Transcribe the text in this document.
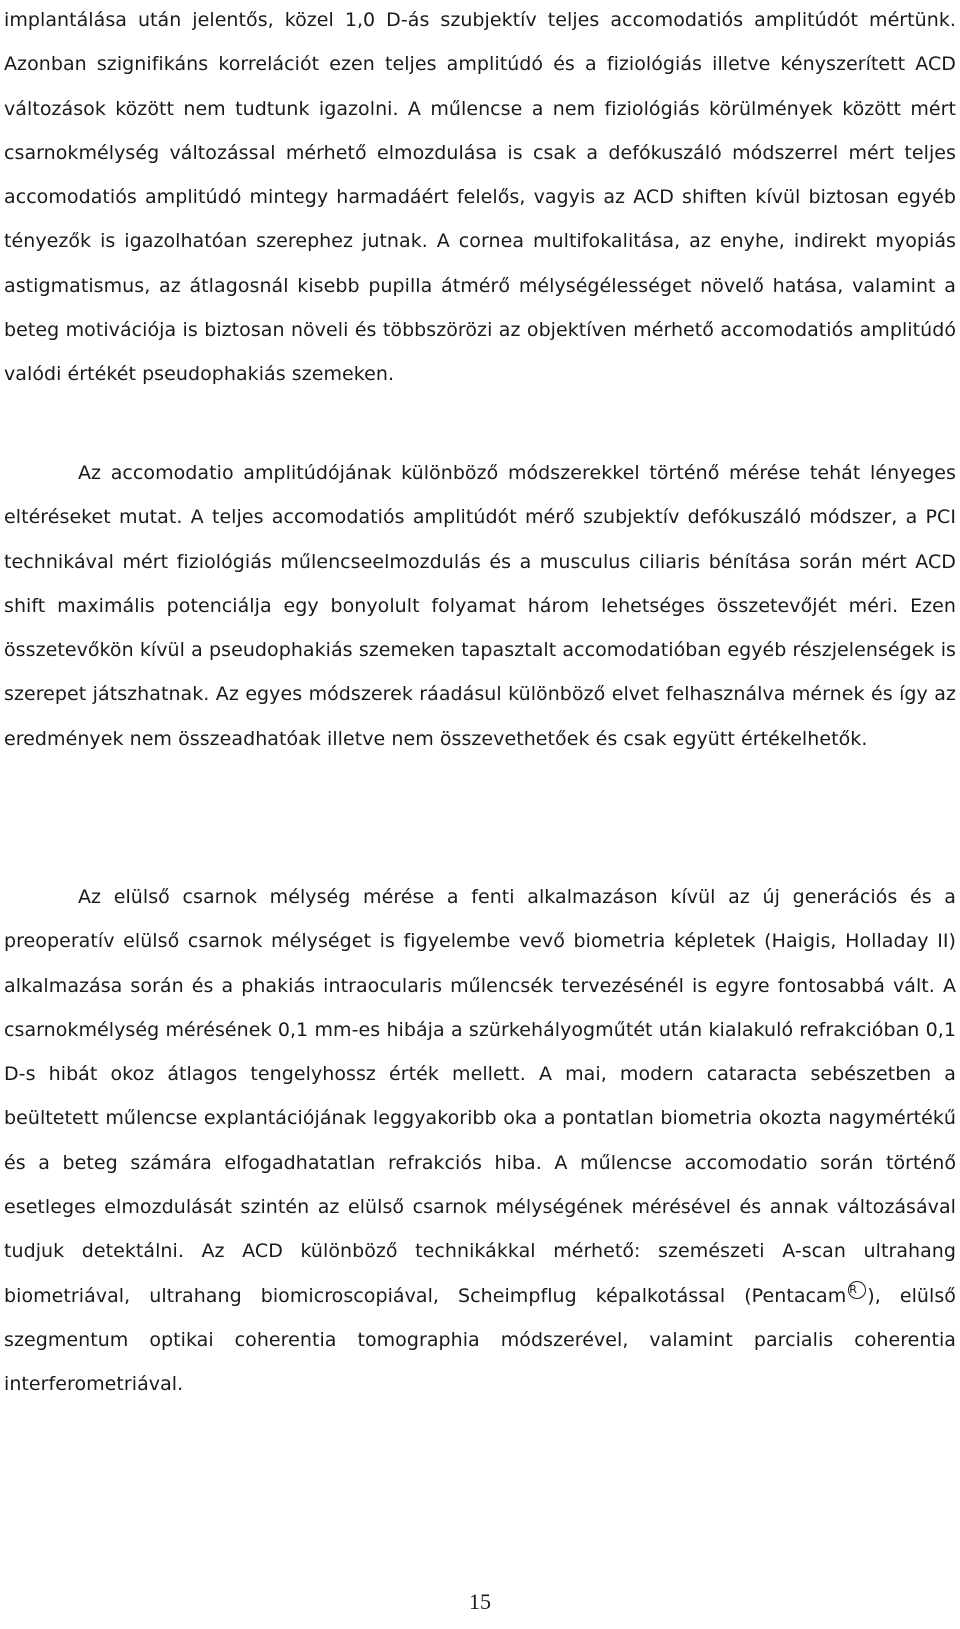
implantálása után jelentős, közel 1,0 D-ás szubjektív teljes accomodatiós amplitúdót mértünk. Azonban szignifikáns korrelációt ezen teljes amplitúdó és a fiziológiás illetve kényszerített ACD változások között nem tudtunk igazolni. A műlencse a nem fiziológiás körülmények között mért csarnokmélység változással mérhető elmozdulása is csak a defókuszáló módszerrel mért teljes accomodatiós amplitúdó mintegy harmadáért felelős, vagyis az ACD shiften kívül biztosan egyéb tényezők is igazolhatóan szerephez jutnak. A cornea multifokalitása, az enyhe, indirekt myopiás astigmatismus, az átlagosnál kisebb pupilla átmérő mélységélességet növelő hatása, valamint a beteg motivációja is biztosan növeli és többszörözi az objektíven mérhető accomodatiós amplitúdó valódi értékét pseudophakiás szemeken.

Az accomodatio amplitúdójának különböző módszerekkel történő mérése tehát lényeges eltéréseket mutat. A teljes accomodatiós amplitúdót mérő szubjektív defókuszáló módszer, a PCI technikával mért fiziológiás műlencseelmozdulás és a musculus ciliaris bénítása során mért ACD shift maximális potenciálja egy bonyolult folyamat három lehetséges összetevőjét méri. Ezen összetevőkön kívül a pseudophakiás szemeken tapasztalt accomodatióban egyéb részjelenségek is szerepet játszhatnak. Az egyes módszerek ráadásul különböző elvet felhasználva mérnek és így az eredmények nem összeadhatóak illetve nem összevethetőek és csak együtt értékelhetők.

Az elülső csarnok mélység mérése a fenti alkalmazáson kívül az új generációs és a preoperatív elülső csarnok mélységet is figyelembe vevő biometria képletek (Haigis, Holladay II) alkalmazása során és a phakiás intraocularis műlencsék tervezésénél is egyre fontosabbá vált. A csarnokmélység mérésének 0,1 mm-es hibája a szürkehályogműtét után kialakuló refrakcióban 0,1 D-s hibát okoz átlagos tengelyhossz érték mellett. A mai, modern cataracta sebészetben a beültetett műlencse explantációjának leggyakoribb oka a pontatlan biometria okozta nagymértékű és a beteg számára elfogadhatatlan refrakciós hiba. A műlencse accomodatio során történő esetleges elmozdulását szintén az elülső csarnok mélységének mérésével és annak változásával tudjuk detektálni. Az ACD különböző technikákkal mérhető: szemészeti A-scan ultrahang biometriával, ultrahang biomicroscopiával, Scheimpflug képalkotással (Pentacam R ), elülső szegmentum optikai coherentia tomographia módszerével, valamint parcialis coherentia interferometriával.

15
